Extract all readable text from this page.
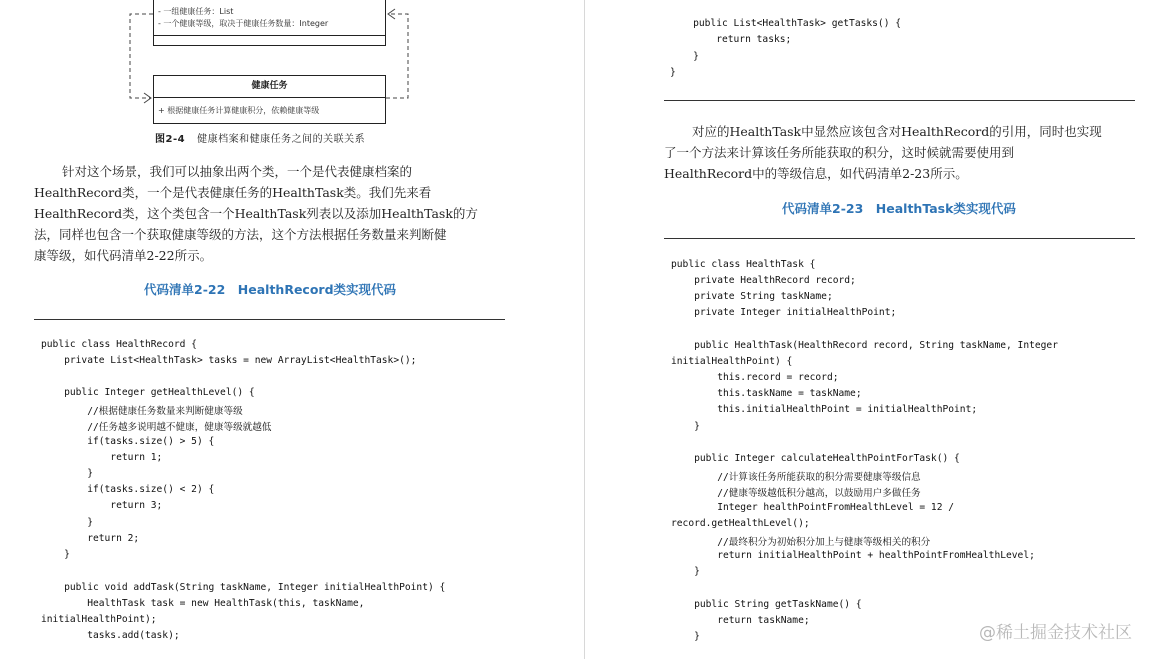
- 一组健康任务：List
- 一个健康等级，取决于健康任务数量：Integer
健康任务
+ 根据健康任务计算健康积分，依赖健康等级
图2-4 健康档案和健康任务之间的关联关系
针对这个场景，我们可以抽象出两个类，一个是代表健康档案的
HealthRecord类，一个是代表健康任务的HealthTask类。我们先来看
HealthRecord类，这个类包含一个HealthTask列表以及添加HealthTask的方
法，同样也包含一个获取健康等级的方法，这个方法根据任务数量来判断健
康等级，如代码清单2-22所示。
代码清单2-22　HealthRecord类实现代码
public class HealthRecord {
private List<HealthTask> tasks = new ArrayList<HealthTask>();
public Integer getHealthLevel() {
//根据健康任务数量来判断健康等级
//任务越多说明越不健康，健康等级就越低
if(tasks.size() > 5) {
return 1;
}
if(tasks.size() < 2) {
return 3;
}
return 2;
}
public void addTask(String taskName, Integer initialHealthPoint) {
HealthTask task = new HealthTask(this, taskName,
initialHealthPoint);
tasks.add(task);
public List<HealthTask> getTasks() {
return tasks;
}
}
对应的HealthTask中显然应该包含对HealthRecord的引用，同时也实现
了一个方法来计算该任务所能获取的积分，这时候就需要使用到
HealthRecord中的等级信息，如代码清单2-23所示。
代码清单2-23　HealthTask类实现代码
public class HealthTask {
private HealthRecord record;
private String taskName;
private Integer initialHealthPoint;
public HealthTask(HealthRecord record, String taskName, Integer
initialHealthPoint) {
this.record = record;
this.taskName = taskName;
this.initialHealthPoint = initialHealthPoint;
}
public Integer calculateHealthPointForTask() {
//计算该任务所能获取的积分需要健康等级信息
//健康等级越低积分越高，以鼓励用户多做任务
Integer healthPointFromHealthLevel = 12 /
record.getHealthLevel();
//最终积分为初始积分加上与健康等级相关的积分
return initialHealthPoint + healthPointFromHealthLevel;
}
public String getTaskName() {
return taskName;
}	@稀土掘金技术社区
